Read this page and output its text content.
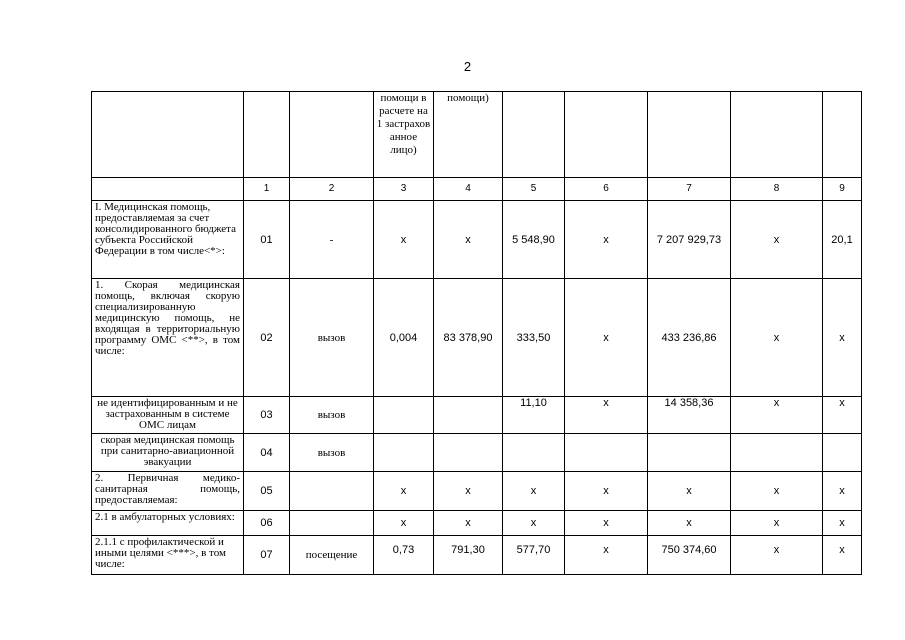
2
			помощи в расчете на 1 застрахов анное лицо)	помощи)					
	1	2	3	4	5	6	7	8	9
I. Медицинская помощь, предоставляемая за счет консолидированного бюджета субъекта Российской Федерации в том числе<*>:	01	-	x	x	5 548,90	x	7 207 929,73	x	20,1
1. Скорая медицинская помощь, включая скорую специализированную медицинскую помощь, не входящая в территориальную программу ОМС <**>, в том числе:	02	вызов	0,004	83 378,90	333,50	x	433 236,86	x	x
не идентифицированным и не застрахованным в системе ОМС лицам	03	вызов			11,10	x	14 358,36	x	x
скорая медицинская помощь при санитарно-авиационной эвакуации	04	вызов							
2. Первичная медико-санитарная помощь, предоставляемая:	05		x	x	x	x	x	x	x
2.1 в амбулаторных условиях:	06		x	x	x	x	x	x	x
2.1.1 с профилактической и иными целями <***>, в том числе:	07	посещение	0,73	791,30	577,70	x	750 374,60	x	x
